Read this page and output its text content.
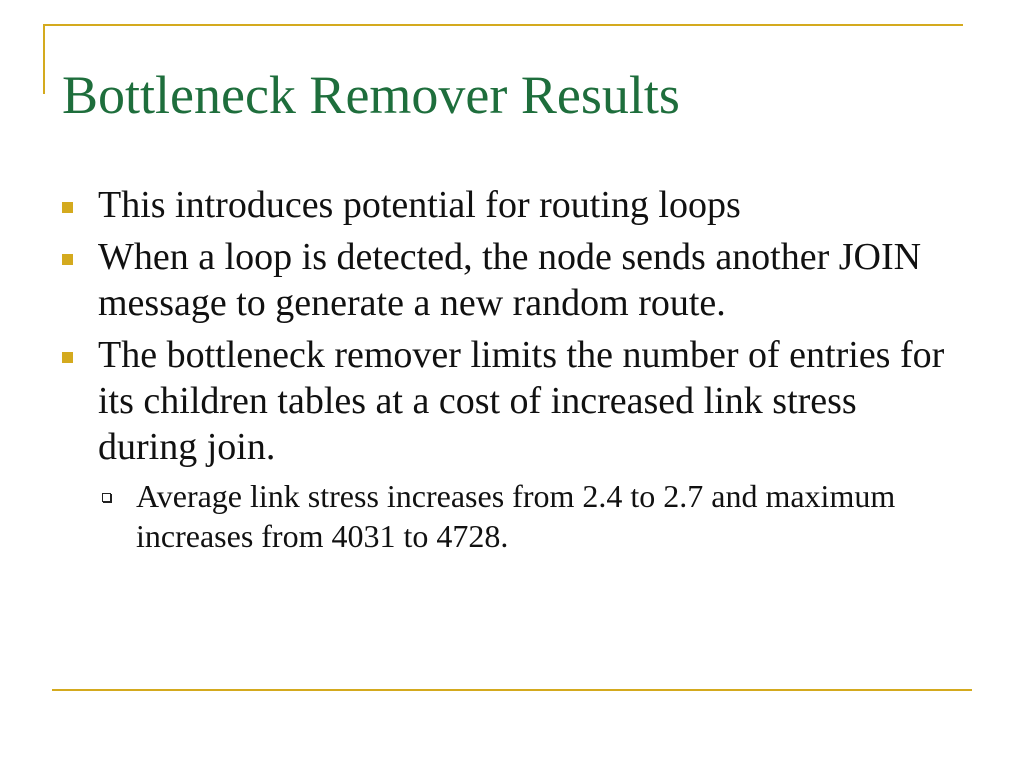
Bottleneck Remover Results
This introduces potential for routing loops
When a loop is detected, the node sends another JOIN message to generate a new random route.
The bottleneck remover limits the number of entries for its children tables at a cost of increased link stress during join.
Average link stress increases from 2.4 to 2.7 and maximum increases from 4031 to 4728.
